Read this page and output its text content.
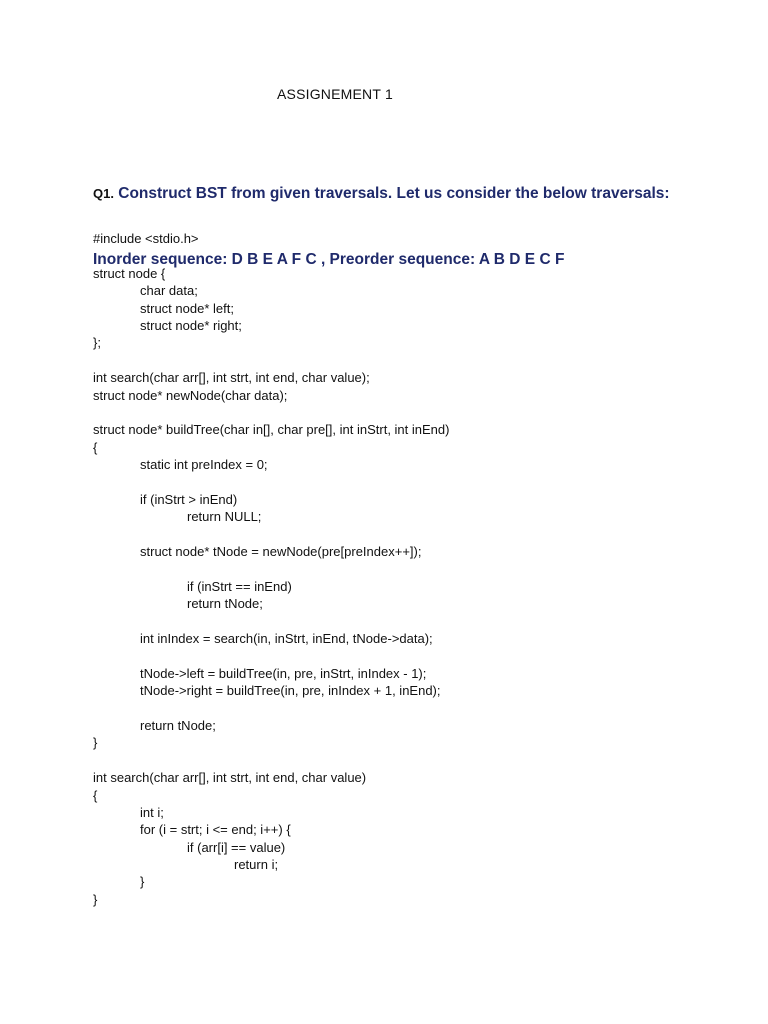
ASSIGNEMENT 1

Q1. Construct BST from given traversals. Let us consider the below traversals:

Inorder sequence: D B E A F C , Preorder sequence: A B D E C F

#include <stdio.h>
struct node {
char data;
struct node* left;
struct node* right;
};
int search(char arr[], int strt, int end, char value);
struct node* newNode(char data);
struct node* buildTree(char in[], char pre[], int inStrt, int inEnd)
{
static int preIndex = 0;
if (inStrt > inEnd)
return NULL;
struct node* tNode = newNode(pre[preIndex++]);
if (inStrt == inEnd)
return tNode;
int inIndex = search(in, inStrt, inEnd, tNode->data);
tNode->left = buildTree(in, pre, inStrt, inIndex - 1);
tNode->right = buildTree(in, pre, inIndex + 1, inEnd);
return tNode;
}
int search(char arr[], int strt, int end, char value)
{
int i;
for (i = strt; i <= end; i++) {
if (arr[i] == value)
return i;
}
}
